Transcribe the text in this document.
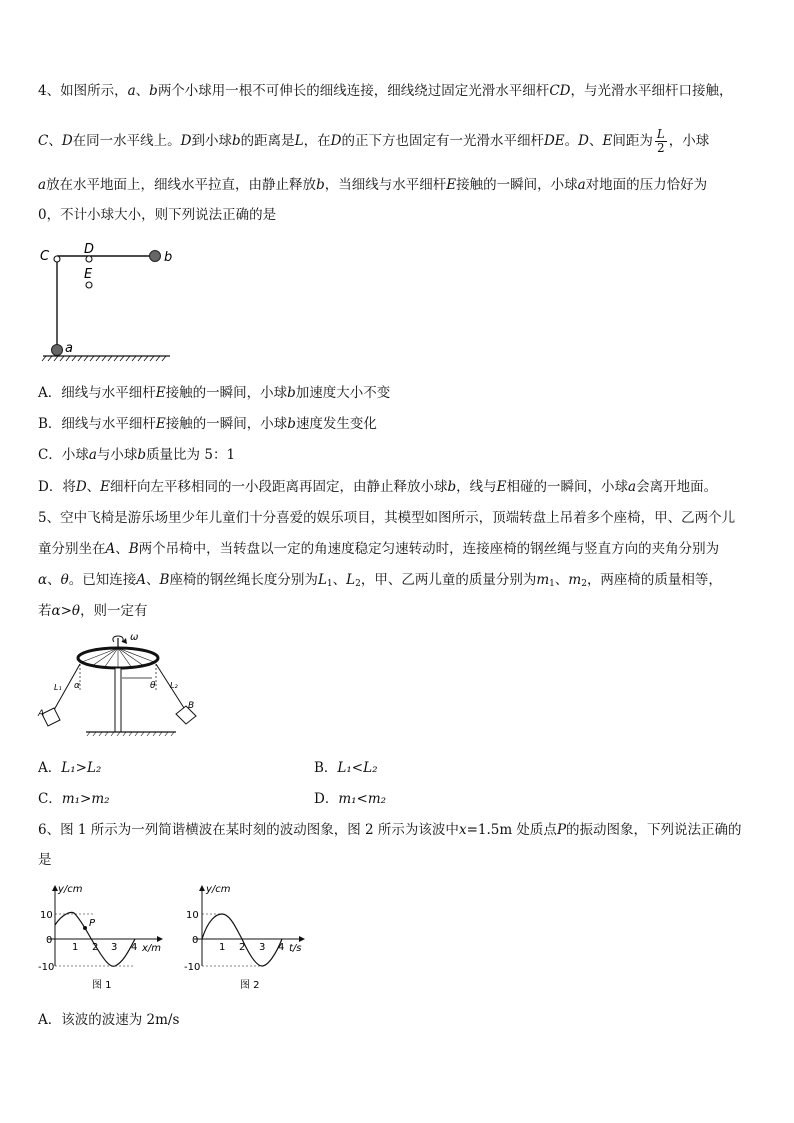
4、如图所示，a、b两个小球用一根不可伸长的细线连接，细线绕过固定光滑水平细杆CD，与光滑水平细杆口接触，
C、D在同一水平线上。D到小球b的距离是L，在D的正下方也固定有一光滑水平细杆DE。D、E间距为 $\frac{L}{2}$ ，小球
a放在水平地面上，细线水平拉直，由静止释放b，当细线与水平细杆E接触的一瞬间，小球a对地面的压力恰好为
0，不计小球大小，则下列说法正确的是
C	D
E
b
a
A．细线与水平细杆E接触的一瞬间，小球b加速度大小不变
B．细线与水平细杆E接触的一瞬间，小球b速度发生变化
C．小球a与小球b质量比为 5：1
D．将D、E细杆向左平移相同的一小段距离再固定，由静止释放小球b，线与E相碰的一瞬间，小球a会离开地面。
5、空中飞椅是游乐场里少年儿童们十分喜爱的娱乐项目，其模型如图所示，顶端转盘上吊着多个座椅，甲、乙两个儿
童分别坐在A、B两个吊椅中，当转盘以一定的角速度稳定匀速转动时，连接座椅的钢丝绳与竖直方向的夹角分别为
α、θ。已知连接A、B座椅的钢丝绳长度分别为$L_1$、$L_2$，甲、乙两儿童的质量分别为$m_1$、$m_2$，两座椅的质量相等，
若α>θ，则一定有
ω
L₁ α
A
L₂
θ
B
A．L₁>L₂	B．L₁<L₂
C．m₁>m₂	D．m₁<m₂
6、图 1 所示为一列简谐横波在某时刻的波动图象，图 2 所示为该波中x=1.5m 处质点P的振动图象，下列说法正确的
是
y/cm
10
0
-10
1 2 3 4 x/m
P
图 1
y/cm
10
0
-10
1 2 3 4 t/s
图 2
A．该波的波速为 2m/s
